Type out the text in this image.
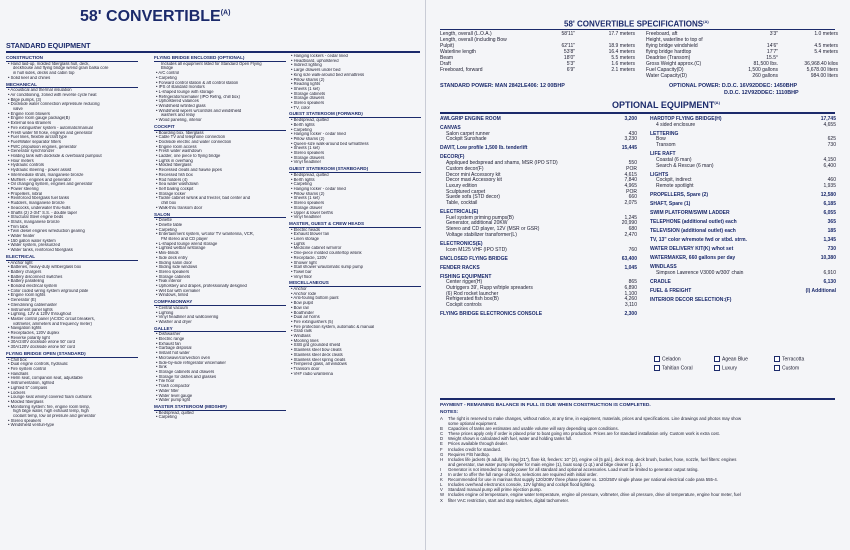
58' $CONVERTIBLE^{(A)}$
STANDARD EQUIPMENT
CONSTRUCTION
• Hand laid-up, molded fiberglass hull, deck,
deckhouse and flying bridge w/end grain balsa core
in hull sides, decks and cabin top
• Solid keel and chines
MECHANICAL
• Acoustical and thermal insulation
• Air conditioning, zoned with reverse cycle heat
• Bilge pumps, (3)
• Dockside water connection w/pressure reducing
valve
• Engine room blowers
• Engine room gauge package(B)
• External sea strainers
• Fire extinguisher system - automatic/manual
• Fresh water fill hose, engines and generator
• Fuel lines, flexible aircraft type
• Fuel/Water separator filters
• FWC propulsion engines, generator
• Generator synchronizer
• Holding tank with dockside & overboard pumpout
• Hour meters
• Hydraulic controls
• Hydraulic steering - power assist
• Intermediate struts, manganese bronze
• Mufflers - engines and generator
• Oil changing system, engines and generator
• Power steering
• Propellers, nibral
• Reinforced fiberglass fuel tanks
• Rudders, manganese bronze
• Seacocks, underwater thru-hulls
• Shafts (2) 2-3/4" S.S. - double taper
• Structural Steel engine beds
• Struts, manganese bronze
• Trim tabs
• Twin diesel engines w/reduction gearing
• Water heater
• 150 gallon water system
• Water system, pressurized
• Water tanks, reinforced fiberglass
ELECTRICAL
• Anchor light
• Batteries, heavy-duty w/fiberglass box
• Battery chargers
• Battery disconnect switches
• Battery paralleling
• Bonded electrical system
• Color coded wiring system w/ground plate
• Engine room lights
• Generator (E)
• Glendinning cablemaster
• Instrument panel lights
• Lighting, 12V & 120V throughout
• Master control panel (AC/DC circuit breakers,
voltmeter, ammeters and frequency meter)
• Navigation lights
• Receptacles, 120V duplex
• Reverse polarity light
• 30A/240V dockside w/one 50' cord
• 30A/120V dockside w/one 50' cord
FLYING BRIDGE OPEN (STANDARD)
• Chill box
• Dual engine controls, hydraulic
• Fire system control
• Handrails
• Helm seat, companion seat, adjustable
• Instrumentation, lighted
• Lighted 5" compass
• Lockers
• Lounge seat w/vinyl covered foam cushions
• Molded fiberglass
• Monitoring system: fire, engine room temp,
high bilge water, high exhaust temp, high
coolant temp, low oil pressure and generator
• Stereo speakers
• Windshield venturi-type
FLYING BRIDGE ENCLOSED (OPTIONAL)
Includes all equipment listed for Standard Open Flying
Bridge
• A/C control
• Carpeting
• Forward control station & aft control station
• IPS of standard monitors
• L-shaped lounge with storage
• Refrigerator/icemaker (IPO Refrig, chill box)
• Upholstered valances
• Windshield w/tinted glass
• Windshield wipers w/controls and windshield
washers and relay
• Wood paneling, interior
COCKPIT
• Boarding box, fiberglass
• Cable TV and telephone connection
• Dockside electric and water connection
• Engine room access
• Fresh water washdown
• Ladder, one piece to flying bridge
• Lights in overhang
• Molded fiberglass
• Recessed cleats and hawse pipes
• Recessed fish box
• Rod holders (4)
• Sea water washdown
• Self bailing cockpit
• Storage locker
• Tackle cabinet w/sink and freezer, bait center and
chill box
• Walk-thru transom door
SALON
• Dinette
• Dinette table
• Carpeting
• Entertainment system, w/color TV w/antenna, VCR,
FM stereo and CD player
• L-shaped lounge w/end storage
• Lighted wetbar w/storage
• Mini-blinds
• Side deck entry
• Sliding salon door
• Sliding side windows
• Stereo speakers
• Storage cabinets
• Teak interior
• Upholstery and drapes, professionally designed
• Wet bar with icemaker
• Windows, tinted
COMPANIONWAY
• Central vacuum
• Lighting
• Vinyl headliner and wallcovering
• Washer and dryer
GALLEY
• Dishwasher
• Electric range
• Exhaust fan
• Garbage disposal
• Instant hot water
• Microwave/convection oven
• Side-by-side refrigerator w/icemaker
• Sink
• Storage cabinets and drawers
• Storage for dishes and glasses
• Tile floor
• Trash compactor
• Water filter
• Water level gauge
• Water pump light
MASTER STATEROOM (MIDSHIP)
• Bedspread, quilted
• Carpeting
• Hanging lockers - cedar lined
• Headboard, upholstered
• Indirect lighting
• Large drawers under bed
• King size walk-around bed w/mattress
• Pillow shams (2)
• Reading lights
• Sheets (1 set)
• Storage cabinets
• Storage drawers
• Stereo speakers
• TV, color
GUEST STATEROOM (FORWARD)
• Bedspread, quilted
• Berth lights
• Carpeting
• Hanging locker - cedar lined
• Pillow shams (2)
• Queen-size walk-around bed w/mattress
• Sheets (1 set)
• Stereo speakers
• Storage drawers
• Vinyl headliner
GUEST STATEROOM (STARBOARD)
• Bedspread, quilted
• Berth lights
• Carpeting
• Hanging locker - cedar lined
• Pillow shams (2)
• Sheets (1 set)
• Stereo speakers
• Storage drawer
• Upper & lower berths
• Vinyl headliner
MASTER, GUEST & CREW HEADS
• Electric heads
• Exhaust blower fan
• Linen storage
• Lights
• Medicine cabinet w/mirror
• One-piece molded countertop w/sink
• Receptacle, 120V
• Shower light
• Stall shower w/automatic sump pump
• Towel bar
• Vinyl floor
MISCELLANEOUS
• Anchor
• Anchor rode
• Anti-fouling bottom paint
• Bow pulpit
• Bow rail
• Boathinder
• Dual air horns
• Fire extinguishers (5)
• Fire protection system, automatic & manual
• Grab rails
• Windlass
• Mooring lines
• SSB grd grounded shield
• Stainless steel bow cleats
• Stainless steel deck cleats
• Stainless steel spring cleats
• Tempered glass, all windows
• Transom door
• VHF radio w/antenna
58' CONVERTIBLE $SPECIFICATIONS^{(A)}$
Length, overall (L.O.A.)	58'11"	17.7 meters
Length, overall (including Bow
Pulpit)	62'11"	18.9 meters
Waterline length	53'8"	16.4 meters
Beam	18'0"	5.5 meters
Draft	5'3"	1.6 meters
Freeboard, forward	6'9"	2.1 meters
Freeboard, aft	3'3"	1.0 meters
Height, waterline to top of
flying bridge windshield	14'6"	4.5 meters
flying bridge hardtop	17'7"	5.4 meters
Deadrise (Transom)	15.5°
Gross Weight approx.(C)	81,500 lbs.	36,968.40 kilos
Fuel Capacity(D)	1,500 gallons	5,678.00 liters
Water Capacity(D)	260 gallons	984.00 liters
STANDARD POWER: MAN 2842LE406: 12 00BHP	OPTIONAL POWER: D.D.C. 16V92DDEC: 1450BHP
D.D.C. 12V92DDEC: 1110BHP
OPTIONAL $EQUIPMENT^{(A)}$
AWLGRIP ENGINE ROOM	3,200
CANVAS
Salon carpet runner	430
Cockpit Sunshade	3,230
DAVIT, Low profile 1,500 lb. tenderlift	15,445
DECOR(F)
Appliqued bedspread and shams, MSR (IPO STD)	550
Custom decor(F)	POR
Decor mini Accessory kit	4,615
Decor maxi Accessory kit	7,840
Luxury edition	4,965
Sculptured carpet	POR
Suede sofa (STD decor)	660
Table, cocktail	2,075
ELECTRICAL(E)
Fuel system priming pumps(B)	1,245
Generator, additional 20KW	20,990
Stereo and CD player, 12V (MSR or GSR)	680
Voltage stabilizer transformer(L)	2,470
ELECTRONICS(E)
Icom M125 VHF (IPO STD)	760
ENCLOSED FLYING BRIDGE	63,400
FENDER RACKS	1,045
FISHING EQUIPMENT
Center rigger(H)	865
Outriggers 39', Rupp w/triple spreaders	6,890
(6) Rod rocket launcher	1,100
Refrigerated fish box(B)	4,260
Cockpit controls	3,110
FLYING BRIDGE ELECTRONICS CONSOLE	2,300
HARDTOP FLYING BRIDGE(H)	17,745
4 sided enclosure	4,655
LETTERING
Bow	625
Transom	730
LIFE RAFT
Coastal (6 man)	4,150
Search & Rescue (6 man)	6,400
LIGHTS
Cockpit, indirect	460
Remote spotlight	1,935
PROPELLERS, Spare (2)	12,580
SHAFT, Spare (1)	6,185
SWIM PLATFORM/SWIM LADDER	6,055
TELEPHONE (additional outlet) each	365
TELEVISION (additional outlet) each	185
TV, 13" color w/remote fwd or stbd. strm.	1,345
WATER DELIVERY KIT(K) w/hot set	730
WATERMAKER, 660 gallons per day	10,380
WINDLASS
Simpson Lawrence V3000 w/300' chain	6,910
CRADLE	6,130
FUEL & FREIGHT	(I) Additional
INTERIOR DECOR SELECTION:(F)
Celadon	Agean Blue	Terracotta
Tahitian Coral	Luxury	Custom
PAYMENT - REMAINING BALANCE IN FULL IS DUE WHEN CONSTRUCTION IS COMPLETED.
NOTES:
A	The right is reserved to make changes, without notice, at any time, in equipment, materials, prices and specifications. Line drawings and photos may show
some optional equipment.
B	Capacities of tanks are estimates and usable volume will vary depending upon conditions.
C	These prices apply only if order is placed prior to boat going into production. Prices are for standard installation only. Custom work is extra cost.
D	Weight shown is calculated with fuel, water and holding tanks full.
E	Prices available through dealer.
F	Includes credit for standard.
G	Requires F/B hardtop.
H	Includes life jackets (6 adult), life ring (21"), flare kit, fenders: 10" (2), engine oil (5 gal.), deck mop, deck brush, bucket, hose, nozzle, fuel filters: engines
and generator, raw water pump impeller for main engine (1), boat soap (1 qt.) and bilge cleaner (1 qt.).
I	Generator is not intended to supply power for all standard and optional accessories. Load must be limited to generator output rating.
J	In order to offer the full range of decor, selections are required with initial order.
K	Recommended for use in marinas that supply 120/208V three phase power vs. 120/250V single phase per national electrical code para 555-4.
L	Includes overhead electronics console, 12V lighting and cockpit flood lighting.
V	Standard manual pump will prime injection pump.
W Includes engine oil temperature, engine water temperature, engine oil pressure, voltmeter, drive oil pressure, drive oil temperature, engine hour meter, fuel
X	filter VAC restriction, start and stop switches, digital tachometer.
